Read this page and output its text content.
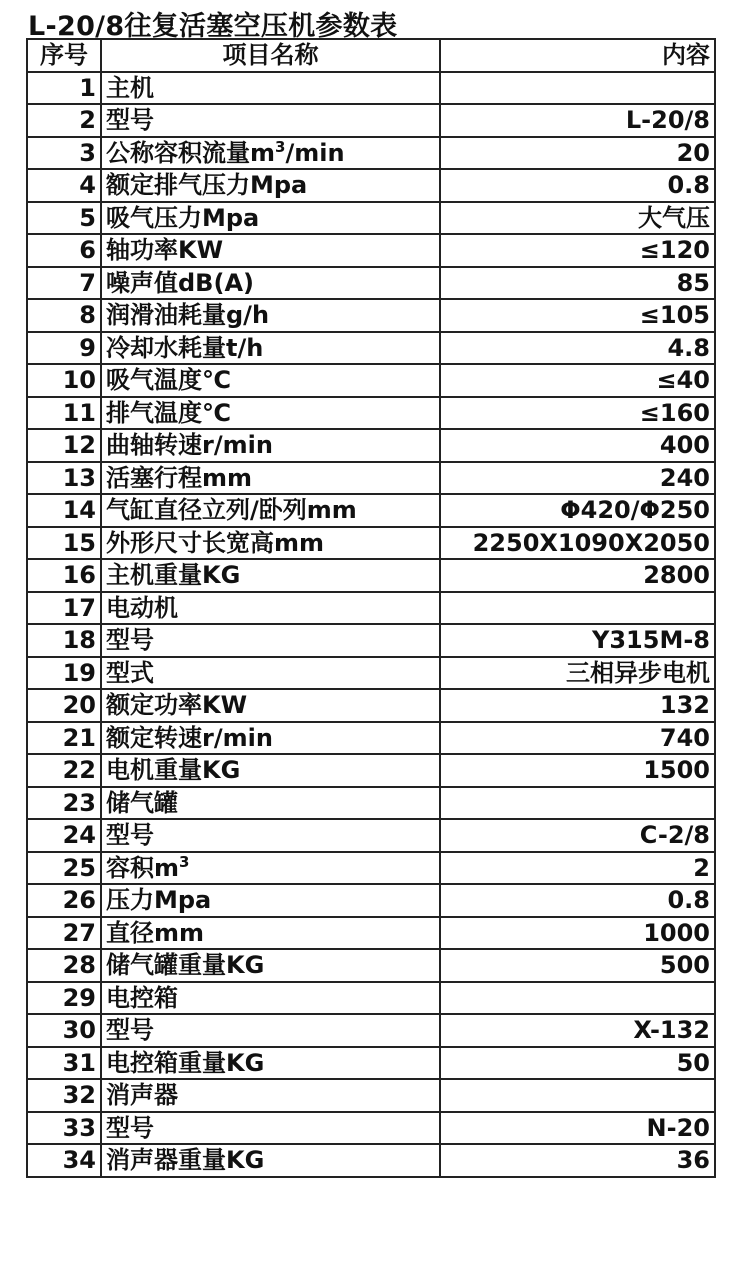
L-20/8往复活塞空压机参数表
序号	项目名称	内容
1	主机	
2	型号	L-20/8
3	公称容积流量$m^3/\min$	20
4	额定排气压力Mpa	0.8
5	吸气压力Mpa	大气压
6	轴功率KW	≤120
7	噪声值dB(A)	85
8	润滑油耗量g/h	≤105
9	冷却水耗量t/h	4.8
10	吸气温度℃	≤40
11	排气温度℃	≤160
12	曲轴转速r/min	400
13	活塞行程mm	240
14	气缸直径立列/卧列mm	Φ420/Φ250
15	外形尺寸长宽高mm	2250X1090X2050
16	主机重量KG	2800
17	电动机	
18	型号	Y315M-8
19	型式	三相异步电机
20	额定功率KW	132
21	额定转速r/min	740
22	电机重量KG	1500
23	储气罐	
24	型号	C-2/8
25	容积$m^3$	2
26	压力Mpa	0.8
27	直径mm	1000
28	储气罐重量KG	500
29	电控箱	
30	型号	X-132
31	电控箱重量KG	50
32	消声器	
33	型号	N-20
34	消声器重量KG	36
